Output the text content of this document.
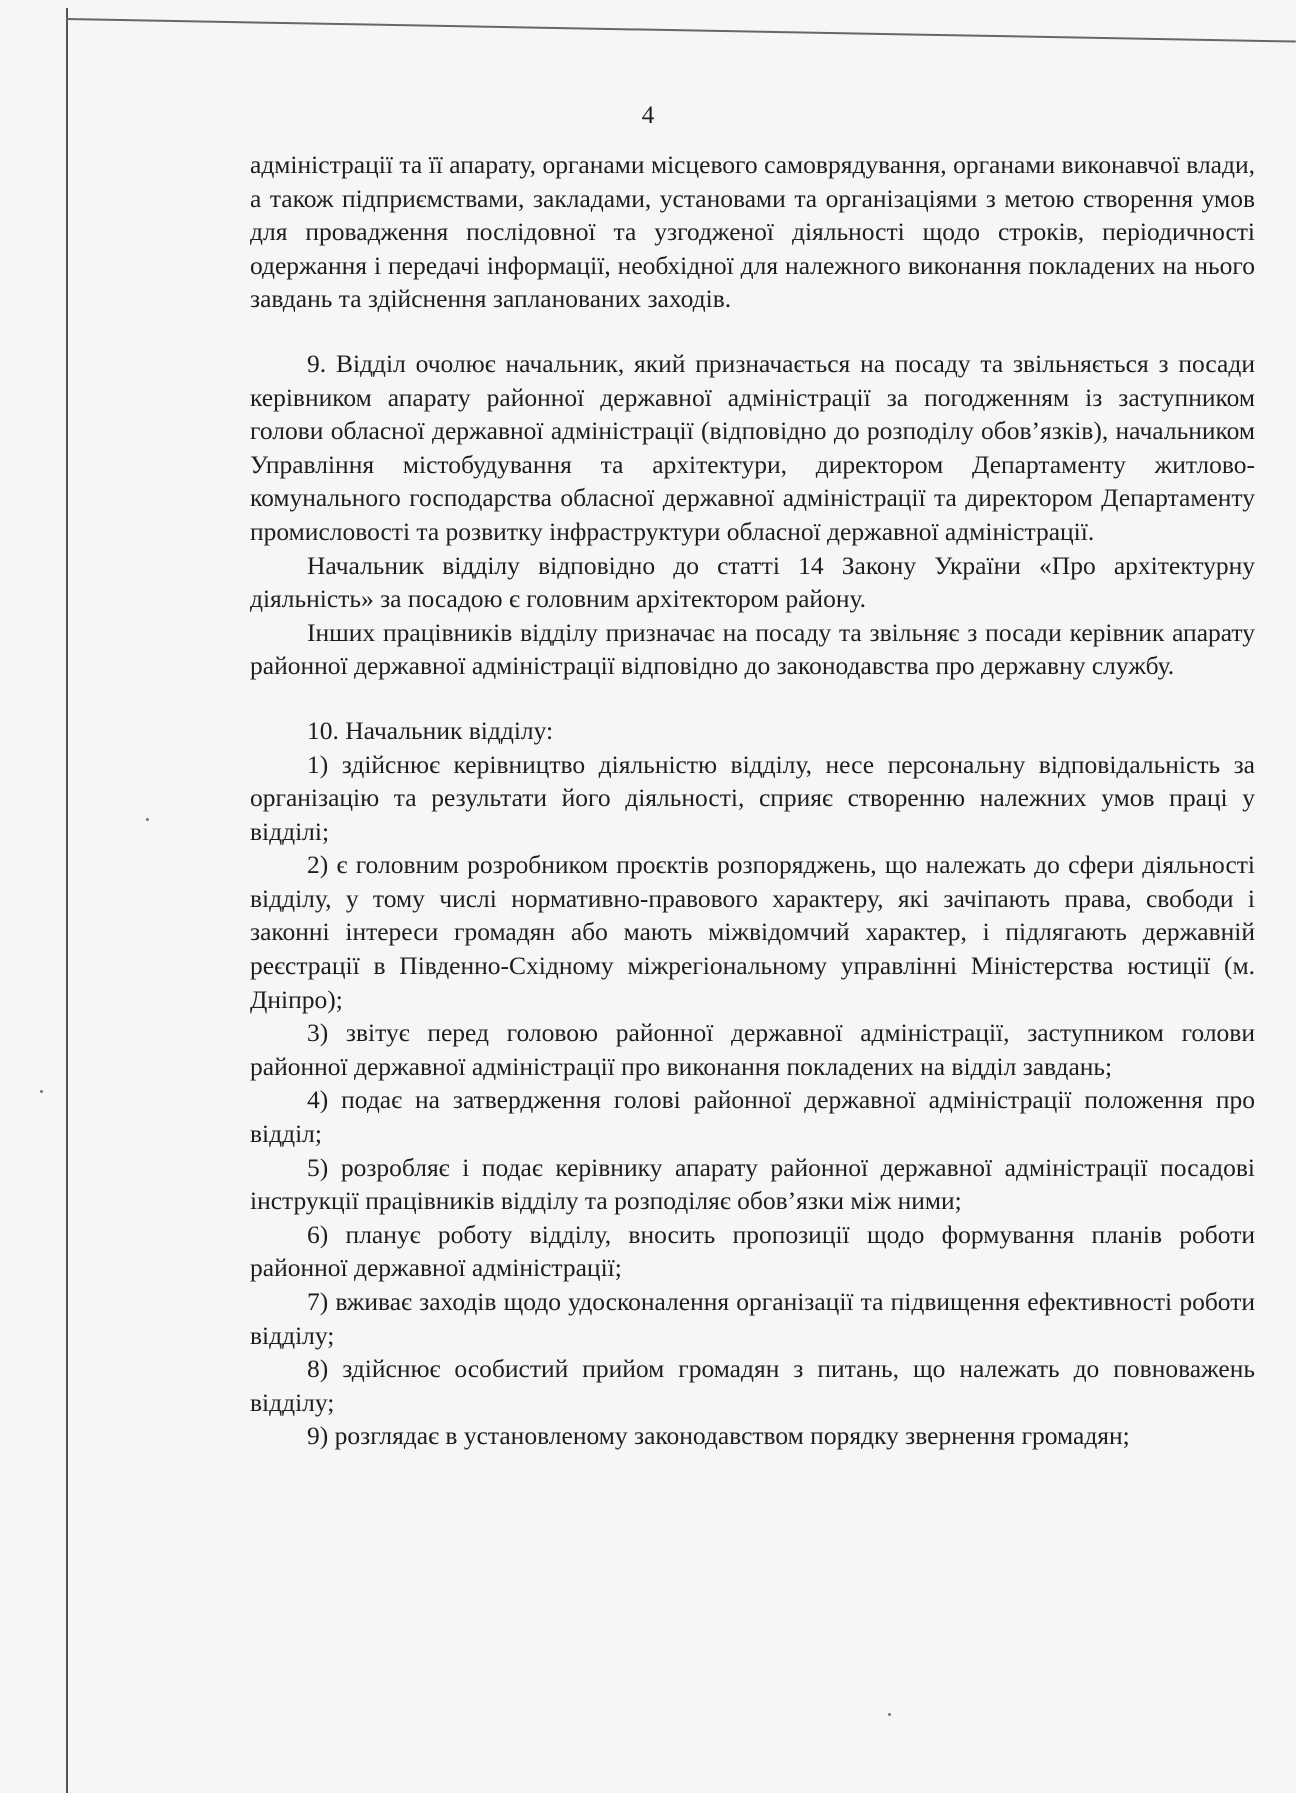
4

адміністрації та її апарату, органами місцевого самоврядування, органами виконавчої влади, а також підприємствами, закладами, установами та організаціями з метою створення умов для провадження послідовної та узгодженої діяльності щодо строків, періодичності одержання і передачі інформації, необхідної для належного виконання покладених на нього завдань та здійснення запланованих заходів.

9. Відділ очолює начальник, який призначається на посаду та звільняється з посади керівником апарату районної державної адміністрації за погодженням із заступником голови обласної державної адміністрації (відповідно до розподілу обов’язків), начальником Управління містобудування та архітектури, директором Департаменту житлово-комунального господарства обласної державної адміністрації та директором Департаменту промисловості та розвитку інфраструктури обласної державної адміністрації.

Начальник відділу відповідно до статті 14 Закону України «Про архітектурну діяльність» за посадою є головним архітектором району.

Інших працівників відділу призначає на посаду та звільняє з посади керівник апарату районної державної адміністрації відповідно до законодавства про державну службу.

10. Начальник відділу:

1) здійснює керівництво діяльністю відділу, несе персональну відповідальність за організацію та результати його діяльності, сприяє створенню належних умов праці у відділі;

2) є головним розробником проєктів розпоряджень, що належать до сфери діяльності відділу, у тому числі нормативно-правового характеру, які зачіпають права, свободи і законні інтереси громадян або мають міжвідомчий характер, і підлягають державній реєстрації в Південно-Східному міжрегіональному управлінні Міністерства юстиції (м. Дніпро);

3) звітує перед головою районної державної адміністрації, заступником голови районної державної адміністрації про виконання покладених на відділ завдань;

4) подає на затвердження голові районної державної адміністрації положення про відділ;

5) розробляє і подає керівнику апарату районної державної адміністрації посадові інструкції працівників відділу та розподіляє обов’язки між ними;

6) планує роботу відділу, вносить пропозиції щодо формування планів роботи районної державної адміністрації;

7) вживає заходів щодо удосконалення організації та підвищення ефективності роботи відділу;

8) здійснює особистий прийом громадян з питань, що належать до повноважень відділу;

9) розглядає в установленому законодавством порядку звернення громадян;
